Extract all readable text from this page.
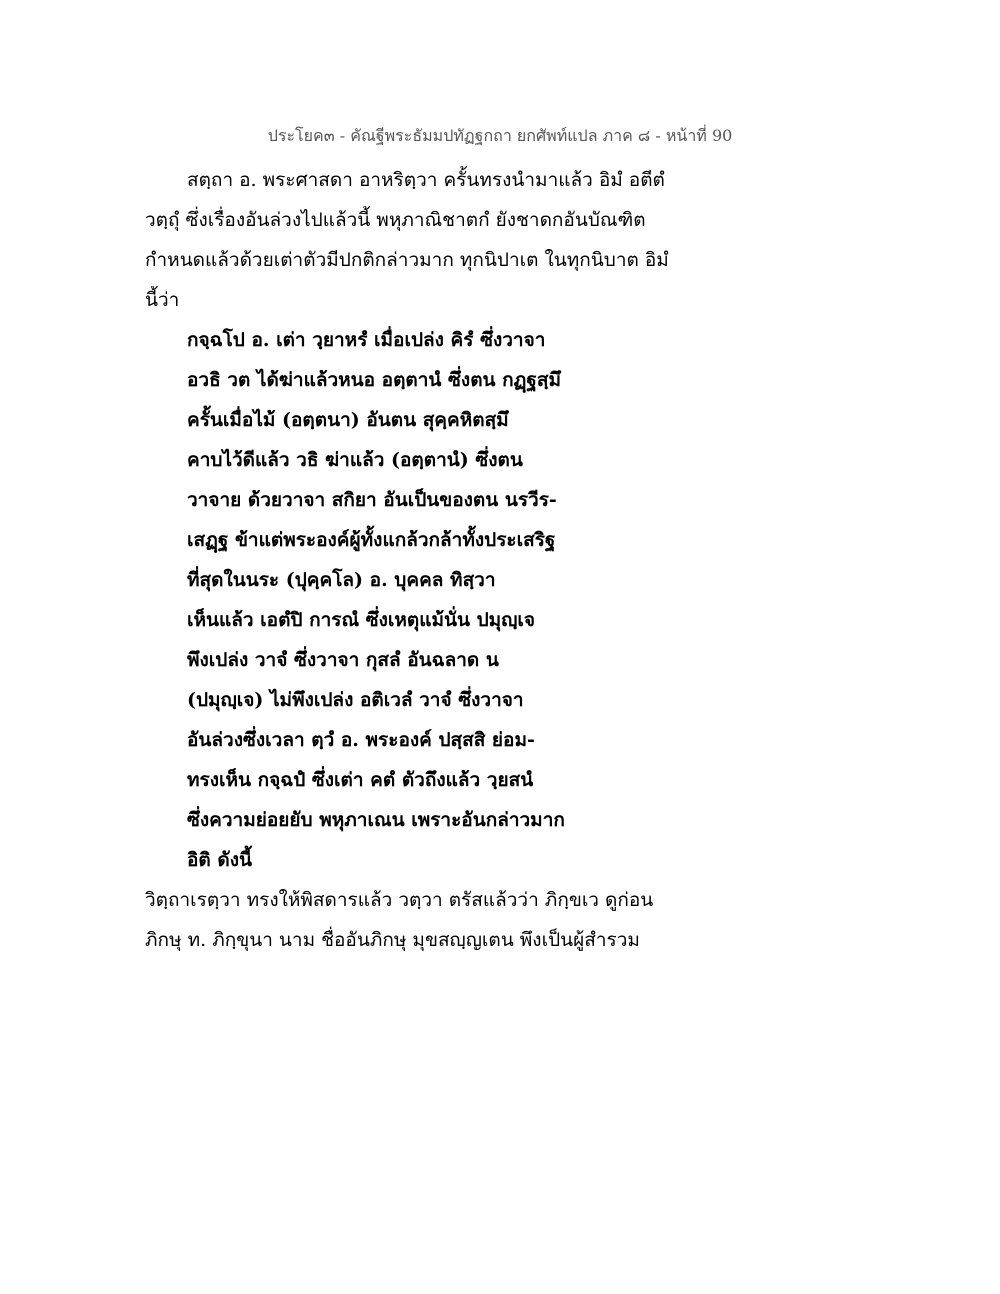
ประโยค๓ - คัณฐีพระธัมมปทัฏฐกถา ยกศัพท์แปล ภาค ๘ - หน้าที่ 90
สตฺถา อ. พระศาสดา อาหริตฺวา ครั้นทรงนำมาแล้ว อิมํ อตีตํ
วตฺถุํ ซึ่งเรื่องอันล่วงไปแล้วนี้ พหุภาณิชาตกํ ยังชาดกอันบัณฑิต
กำหนดแล้วด้วยเต่าตัวมีปกติกล่าวมาก ทุกนิปาเต ในทุกนิบาต อิมํ
นี้ว่า
กจฺฉโป อ. เต่า วฺยาหรํ เมื่อเปล่ง คิรํ ซึ่งวาจา
อวธิ วต ได้ฆ่าแล้วหนอ อตฺตานํ ซึ่งตน กฏฺฐสฺมึ
ครั้นเมื่อไม้ (อตฺตนา) อันตน สุคฺคหิตสฺมึ
คาบไว้ดีแล้ว วธิ ฆ่าแล้ว (อตฺตานํ) ซึ่งตน
วาจาย ด้วยวาจา สกิยา อันเป็นของตน นรวีร-
เสฏฺฐ ข้าแต่พระองค์ผู้ทั้งแกล้วกล้าทั้งประเสริฐ
ที่สุดในนระ (ปุคฺคโล) อ. บุคคล ทิสฺวา
เห็นแล้ว เอตํปิ การณํ ซึ่งเหตุแม้นั่น ปมุญฺเจ
พึงเปล่ง วาจํ ซึ่งวาจา กุสลํ อันฉลาด น
(ปมุญฺเจ) ไม่พึงเปล่ง อติเวลํ วาจํ ซึ่งวาจา
อันล่วงซึ่งเวลา ตฺวํ อ. พระองค์ ปสฺสสิ ย่อม-
ทรงเห็น กจฺฉปํ ซึ่งเต่า คตํ ตัวถึงแล้ว วฺยสนํ
ซึ่งความย่อยยับ พหุภาเณน เพราะอันกล่าวมาก
อิติ ดังนี้
วิตฺถาเรตฺวา ทรงให้พิสดารแล้ว วตฺวา ตรัสแล้วว่า ภิกฺขเว ดูก่อน
ภิกษุ ท. ภิกฺขุนา นาม ชื่ออันภิกษุ มุขสญฺญเตน พึงเป็นผู้สำรวม
